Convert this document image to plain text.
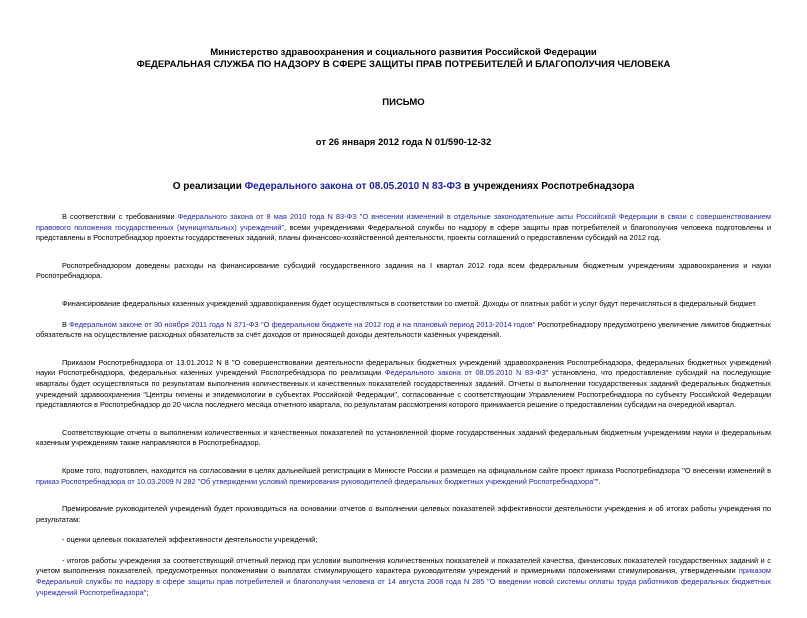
Министерство здравоохранения и социального развития Российской Федерации
ФЕДЕРАЛЬНАЯ СЛУЖБА ПО НАДЗОРУ В СФЕРЕ ЗАЩИТЫ ПРАВ ПОТРЕБИТЕЛЕЙ И БЛАГОПОЛУЧИЯ ЧЕЛОВЕКА
ПИСЬМО
от 26 января 2012 года N 01/590-12-32
О реализации Федерального закона от 08.05.2010 N 83-ФЗ в учреждениях Роспотребнадзора

В соответствии с требованиями Федерального закона от 8 мая 2010 года N 83-ФЗ "О внесении изменений в отдельные законодательные акты Российской Федерации в связи с совершенствованием правового положения государственных (муниципальных) учреждений", всеми учреждениями Федеральной службы по надзору в сфере защиты прав потребителей и благополучия человека подготовлены и представлены в Роспотребнадзор проекты государственных заданий, планы финансово-хозяйственной деятельности, проекты соглашений о предоставлении субсидий на 2012 год.

Роспотребнадзором доведены расходы на финансирование субсидий государственного задания на I квартал 2012 года всем федеральным бюджетным учреждениям здравоохранения и науки Роспотребнадзора.

Финансирование федеральных казенных учреждений здравоохранения будет осуществляться в соответствии со сметой. Доходы от платных работ и услуг будут перечисляться в федеральный бюджет.

В Федеральном законе от 30 ноября 2011 года N 371-ФЗ "О федеральном бюджете на 2012 год и на плановый период 2013-2014 годов" Роспотребнадзору предусмотрено увеличение лимитов бюджетных обязательств на осуществление расходных обязательств за счёт доходов от приносящей доходы деятельности казённых учреждений.

Приказом Роспотребнадзора от 13.01.2012 N 8 "О совершенствовании деятельности федеральных бюджетных учреждений здравоохранения Роспотребнадзора, федеральных бюджетных учреждений науки Роспотребнадзора, федеральных казенных учреждений Роспотребнадзора по реализации Федерального закона от 08.05.2010 N 83-ФЗ" установлено, что предоставление субсидий на последующие кварталы будет осуществляться по результатам выполнения количественных и качественных показателей государственных заданий. Отчеты о выполнении государственных заданий федеральных бюджетных учреждений здравоохранения "Центры гигиены и эпидемиологии в субъектах Российской Федерации", согласованные с соответствующим Управлением Роспотребнадзора по субъекту Российской Федерации представляются в Роспотребнадзор до 20 числа последнего месяца отчетного квартала, по результатам рассмотрения которого принимается решение о предоставлении субсидии на очередной квартал.

Соответствующие отчеты о выполнении количественных и качественных показателей по установленной форме государственных заданий федеральным бюджетным учреждениям науки и федеральным казенным учреждениям также направляются в Роспотребнадзор.

Кроме того, подготовлен, находится на согласовании в целях дальнейшей регистрации в Минюсте России и размещен на официальном сайте проект приказа Роспотребнадзора "О внесении изменений в приказ Роспотребнадзора от 10.03.2009 N 282 "Об утверждении условий премирования руководителей федеральных бюджетных учреждений Роспотребнадзора"".

Премирование руководителей учреждений будет производиться на основании отчетов о выполнении целевых показателей эффективности деятельности учреждения и об итогах работы учреждения по результатам:

- оценки целевых показателей эффективности деятельности учреждений;

- итогов работы учреждения за соответствующий отчетный период при условии выполнения количественных показателей и показателей качества, финансовых показателей государственных заданий и с учетом выполнения показателей, предусмотренных положениями о выплатах стимулирующего характера руководителям учреждений и примерными положениями стимулирования, утвержденными приказом Федеральной службы по надзору в сфере защиты прав потребителей и благополучия человека от 14 августа 2008 года N 285 "О введении новой системы оплаты труда работников федеральных бюджетных учреждений Роспотребнадзора";
